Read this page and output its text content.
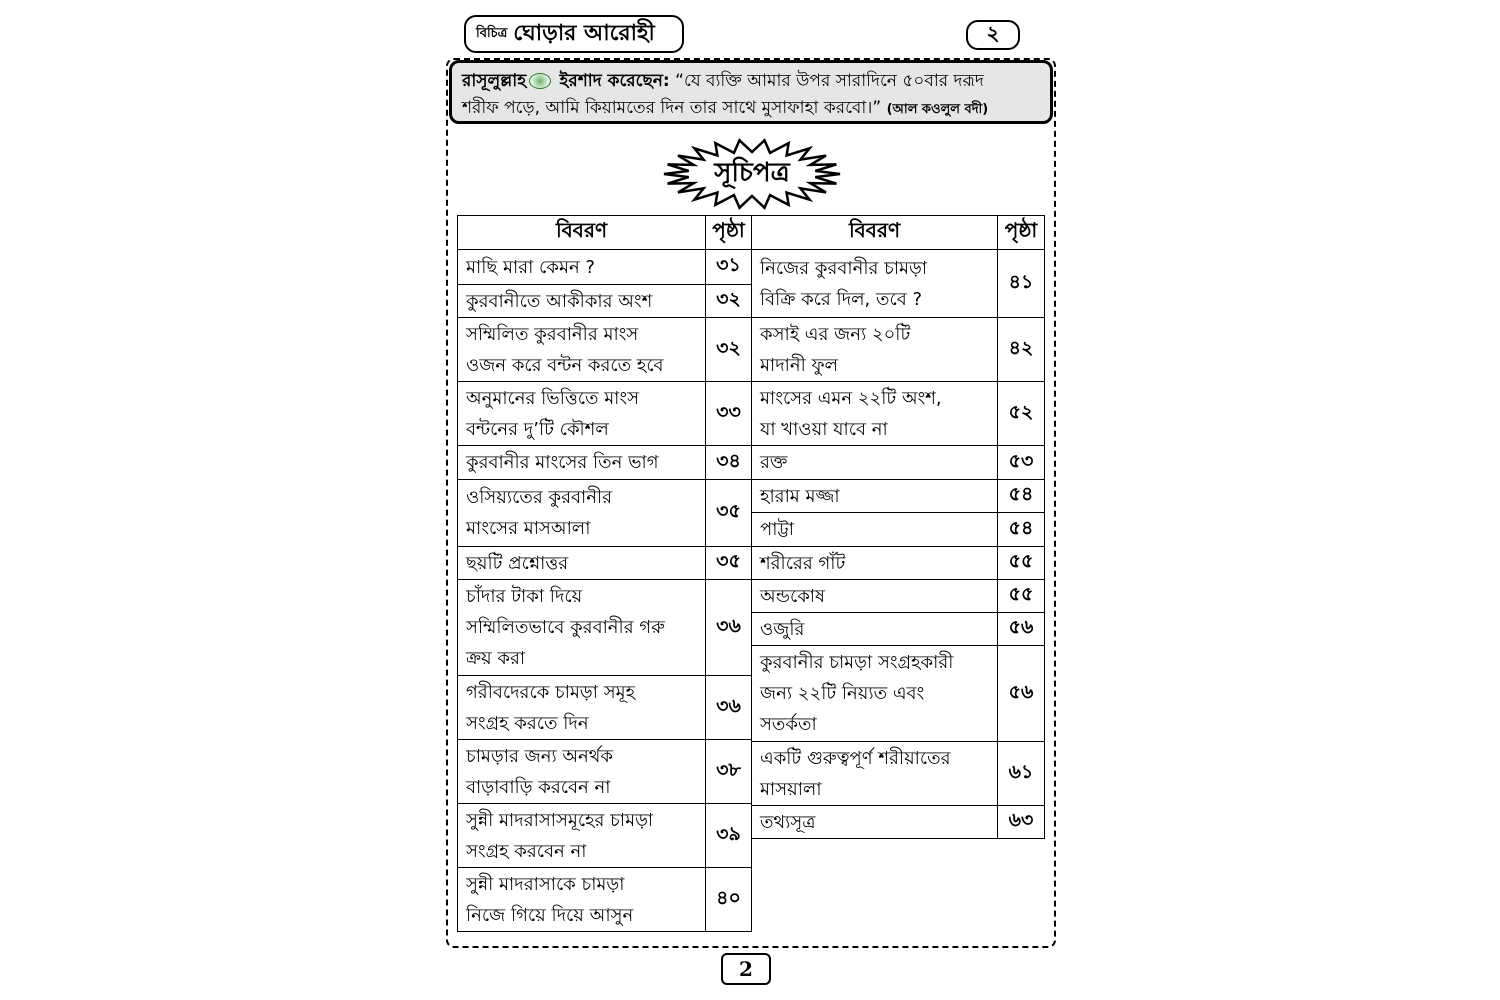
বিচিত্র ঘোড়ার আরোহী	২
রাসূলুল্লাহ ইরশাদ করেছেন: “যে ব্যক্তি আমার উপর সারাদিনে ৫০বার দরূদ
শরীফ পড়ে, আমি কিয়ামতের দিন তার সাথে মুসাফাহা করবো।” (আল কওলুল বদী)
সূচিপত্র
বিবরণ	পৃষ্ঠা

মাছি মারা কেমন ?	৩১

কুরবানীতে আকীকার অংশ	৩২

সম্মিলিত কুরবানীর মাংস
ওজন করে বন্টন করতে হবে	৩২

অনুমানের ভিত্তিতে মাংস
বন্টনের দু’টি কৌশল	৩৩

কুরবানীর মাংসের তিন ভাগ	৩৪

ওসিয়্যতের কুরবানীর
মাংসের মাসআলা	৩৫

ছয়টি প্রশ্নোত্তর	৩৫

চাঁদার টাকা দিয়ে
সম্মিলিতভাবে কুরবানীর গরু
ক্রয় করা	৩৬

গরীবদেরকে চামড়া সমূহ
সংগ্রহ করতে দিন	৩৬

চামড়ার জন্য অনর্থক
বাড়াবাড়ি করবেন না	৩৮

সুন্নী মাদরাসাসমূহের চামড়া
সংগ্রহ করবেন না	৩৯

সুন্নী মাদরাসাকে চামড়া
নিজে গিয়ে দিয়ে আসুন	৪০
বিবরণ	পৃষ্ঠা

নিজের কুরবানীর চামড়া
বিক্রি করে দিল, তবে ?	৪১

কসাই এর জন্য ২০টি
মাদানী ফুল	৪২

মাংসের এমন ২২টি অংশ,
যা খাওয়া যাবে না	৫২

রক্ত	৫৩

হারাম মজ্জা	৫৪

পাট্টা	৫৪

শরীরের গাঁট	৫৫

অন্ডকোষ	৫৫

ওজুরি	৫৬

কুরবানীর চামড়া সংগ্রহকারী
জন্য ২২টি নিয়্যত এবং
সতর্কতা	৫৬

একটি গুরুত্বপূর্ণ শরীয়াতের
মাসয়ালা	৬১

তথ্যসূত্র	৬৩
2
